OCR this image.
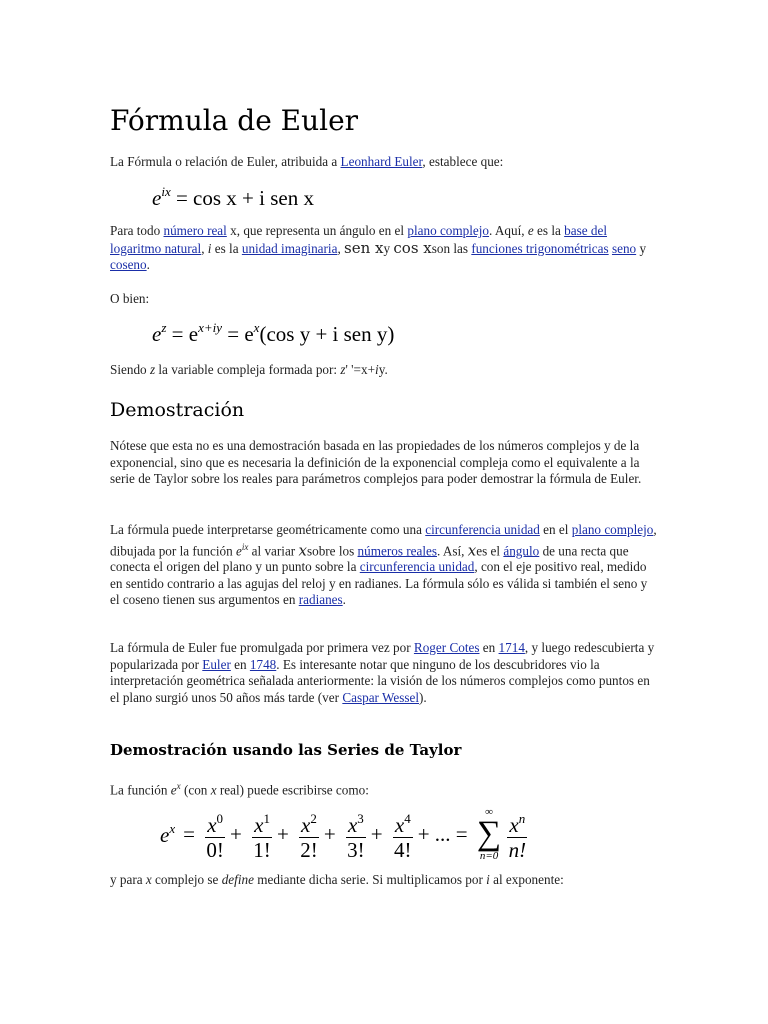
Fórmula de Euler

La Fórmula o relación de Euler, atribuida a Leonhard Euler, establece que:

$e^{ix} = \cos x + i$ sen x

Para todo número real x, que representa un ángulo en el plano complejo. Aquí, e es la base del logaritmo natural, i es la unidad imaginaria, sen xy cos xson las funciones trigonométricas seno y coseno.

O bien:

$e^z = e^{x+iy} = e^x(\cos$ y + i sen y)

Siendo z la variable compleja formada por: z' '=x+iy.

Demostración

Nótese que esta no es una demostración basada en las propiedades de los números complejos y de la exponencial, sino que es necesaria la definición de la exponencial compleja como el equivalente a la serie de Taylor sobre los reales para parámetros complejos para poder demostrar la fórmula de Euler.

La fórmula puede interpretarse geométricamente como una circunferencia unidad en el plano complejo, dibujada por la función $e^{ix}$ al variar xsobre los números reales. Así, xes el ángulo de una recta que conecta el origen del plano y un punto sobre la circunferencia unidad, con el eje positivo real, medido en sentido contrario a las agujas del reloj y en radianes. La fórmula sólo es válida si también el seno y el coseno tienen sus argumentos en radianes.

La fórmula de Euler fue promulgada por primera vez por Roger Cotes en 1714, y luego redescubierta y popularizada por Euler en 1748. Es interesante notar que ninguno de los descubridores vio la interpretación geométrica señalada anteriormente: la visión de los números complejos como puntos en el plano surgió unos 50 años más tarde (ver Caspar Wessel).

Demostración usando las Series de Taylor

La función $e^x$ (con x real) puede escribirse como:

$e^x = \frac{x^0}{0!} + \frac{x^1}{1!} + \frac{x^2}{2!} + \frac{x^3}{3!} + \frac{x^4}{4!}$ + ... =
∞
∑
n=0
$\frac{x^n}{n!}$

y para x complejo se define mediante dicha serie. Si multiplicamos por i al exponente:
